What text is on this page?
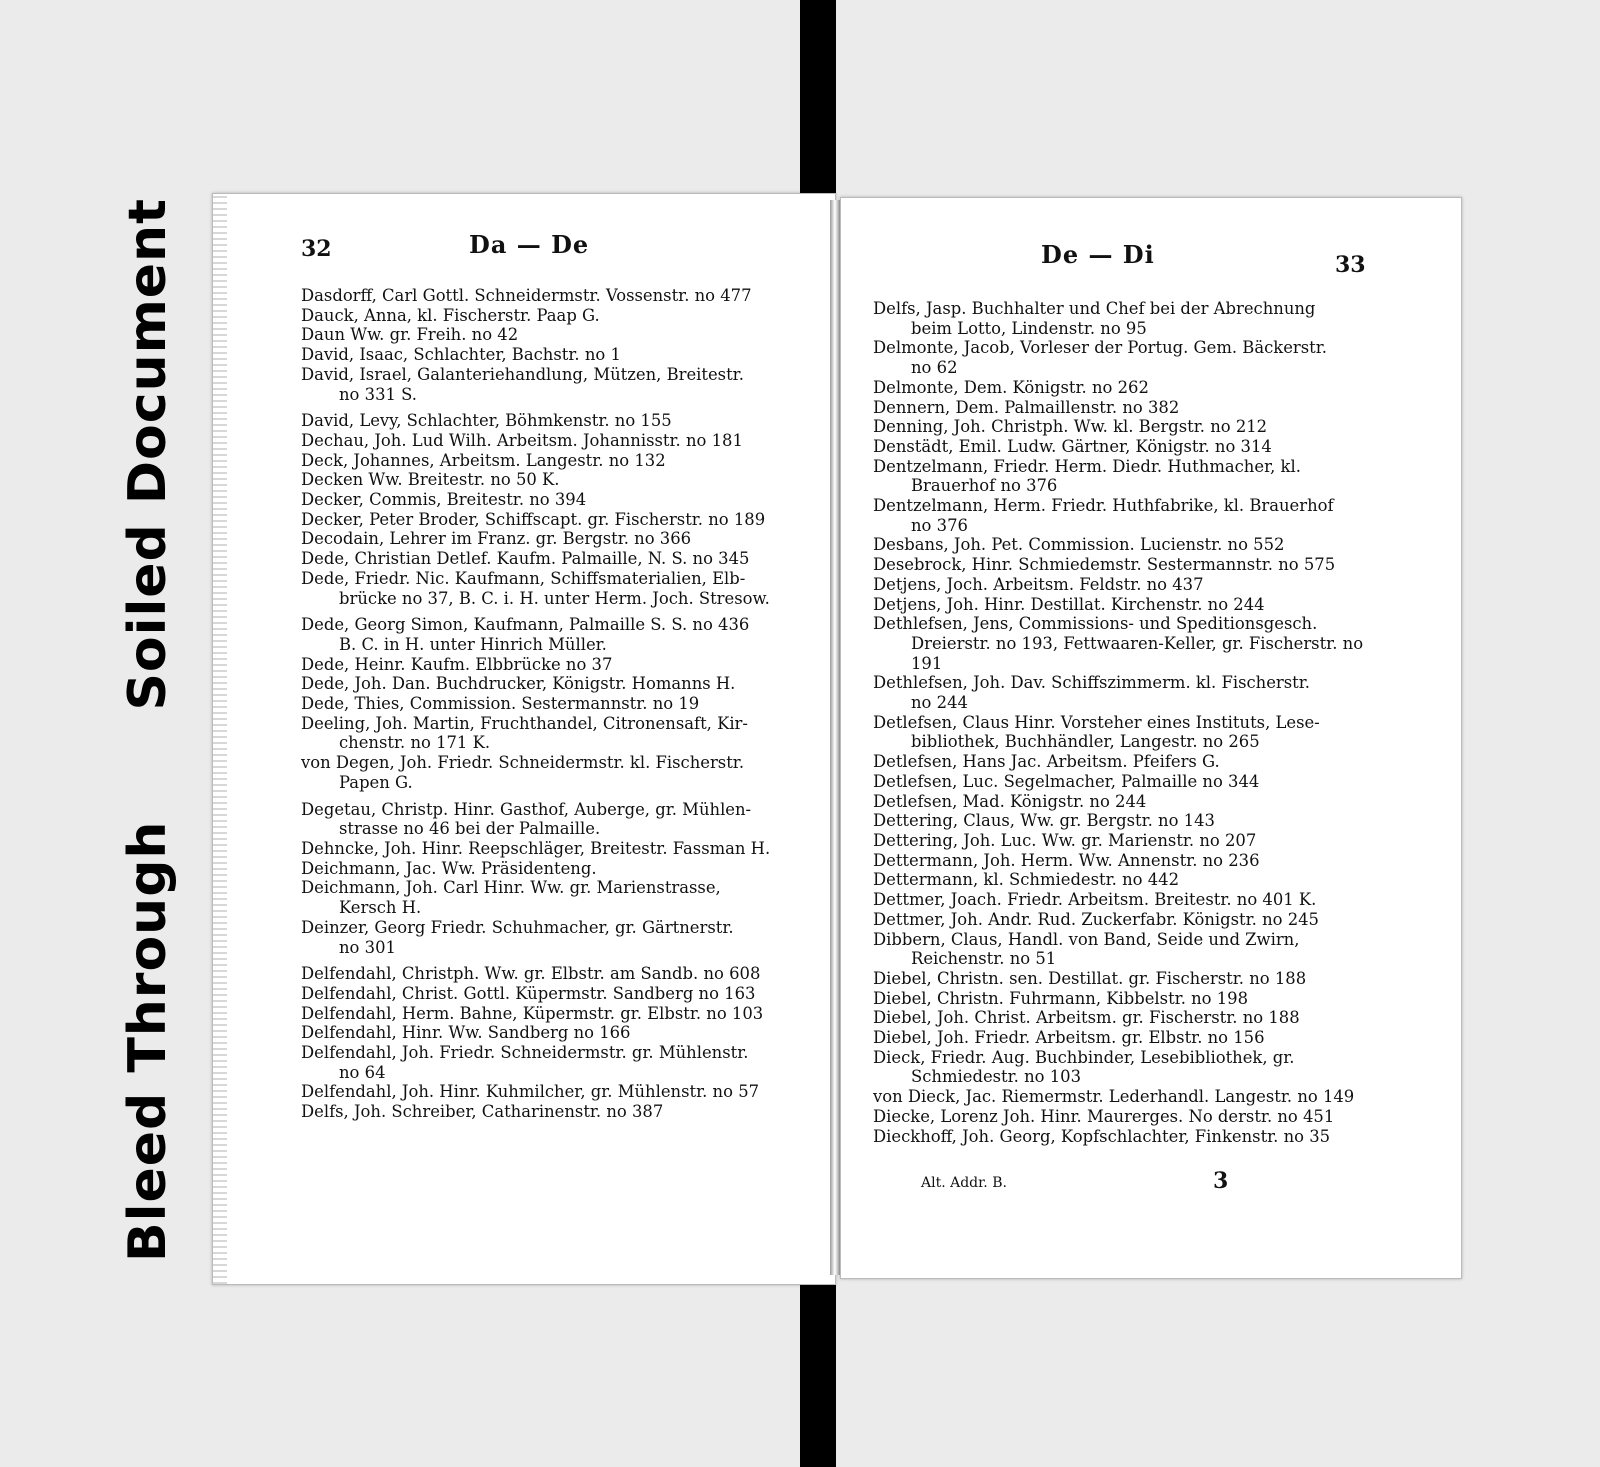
Bleed ThroughSoiled Document	32	Da — De

Dasdorff, Carl Gottl. Schneidermstr. Vossenstr. no 477

Dauck, Anna, kl. Fischerstr. Paap G.

Daun Ww. gr. Freih. no 42

David, Isaac, Schlachter, Bachstr. no 1

David, Israel, Galanteriehandlung, Mützen, Breitestr.
no 331 S.

David, Levy, Schlachter, Böhmkenstr. no 155

Dechau, Joh. Lud Wilh. Arbeitsm. Johannisstr. no 181

Deck, Johannes, Arbeitsm. Langestr. no 132

Decken Ww. Breitestr. no 50 K.

Decker, Commis, Breitestr. no 394

Decker, Peter Broder, Schiffscapt. gr. Fischerstr. no 189

Decodain, Lehrer im Franz. gr. Bergstr. no 366

Dede, Christian Detlef. Kaufm. Palmaille, N. S. no 345

Dede, Friedr. Nic. Kaufmann, Schiffsmaterialien, Elb-
brücke no 37, B. C. i. H. unter Herm. Joch. Stresow.

Dede, Georg Simon, Kaufmann, Palmaille S. S. no 436
B. C. in H. unter Hinrich Müller.

Dede, Heinr. Kaufm. Elbbrücke no 37

Dede, Joh. Dan. Buchdrucker, Königstr. Homanns H.

Dede, Thies, Commission. Sestermannstr. no 19

Deeling, Joh. Martin, Fruchthandel, Citronensaft, Kir-
chenstr. no 171 K.

von Degen, Joh. Friedr. Schneidermstr. kl. Fischerstr.
Papen G.

Degetau, Christp. Hinr. Gasthof, Auberge, gr. Mühlen-
strasse no 46 bei der Palmaille.

Dehncke, Joh. Hinr. Reepschläger, Breitestr. Fassman H.

Deichmann, Jac. Ww. Präsidenteng.

Deichmann, Joh. Carl Hinr. Ww. gr. Marienstrasse,
Kersch H.

Deinzer, Georg Friedr. Schuhmacher, gr. Gärtnerstr.
no 301

Delfendahl, Christph. Ww. gr. Elbstr. am Sandb. no 608

Delfendahl, Christ. Gottl. Küpermstr. Sandberg no 163

Delfendahl, Herm. Bahne, Küpermstr. gr. Elbstr. no 103

Delfendahl, Hinr. Ww. Sandberg no 166

Delfendahl, Joh. Friedr. Schneidermstr. gr. Mühlenstr.
no 64

Delfendahl, Joh. Hinr. Kuhmilcher, gr. Mühlenstr. no 57

Delfs, Joh. Schreiber, Catharinenstr. no 387

De — Di	33

Delfs, Jasp. Buchhalter und Chef bei der Abrechnung
beim Lotto, Lindenstr. no 95

Delmonte, Jacob, Vorleser der Portug. Gem. Bäckerstr.
no 62

Delmonte, Dem. Königstr. no 262

Dennern, Dem. Palmaillenstr. no 382

Denning, Joh. Christph. Ww. kl. Bergstr. no 212

Denstädt, Emil. Ludw. Gärtner, Königstr. no 314

Dentzelmann, Friedr. Herm. Diedr. Huthmacher, kl.
Brauerhof no 376

Dentzelmann, Herm. Friedr. Huthfabrike, kl. Brauerhof
no 376

Desbans, Joh. Pet. Commission. Lucienstr. no 552

Desebrock, Hinr. Schmiedemstr. Sestermannstr. no 575

Detjens, Joch. Arbeitsm. Feldstr. no 437

Detjens, Joh. Hinr. Destillat. Kirchenstr. no 244

Dethlefsen, Jens, Commissions- und Speditionsgesch.
Dreierstr. no 193, Fettwaaren-Keller, gr. Fischerstr. no 191

Dethlefsen, Joh. Dav. Schiffszimmerm. kl. Fischerstr.
no 244

Detlefsen, Claus Hinr. Vorsteher eines Instituts, Lese-
bibliothek, Buchhändler, Langestr. no 265

Detlefsen, Hans Jac. Arbeitsm. Pfeifers G.

Detlefsen, Luc. Segelmacher, Palmaille no 344

Detlefsen, Mad. Königstr. no 244

Dettering, Claus, Ww. gr. Bergstr. no 143

Dettering, Joh. Luc. Ww. gr. Marienstr. no 207

Dettermann, Joh. Herm. Ww. Annenstr. no 236

Dettermann, kl. Schmiedestr. no 442

Dettmer, Joach. Friedr. Arbeitsm. Breitestr. no 401 K.

Dettmer, Joh. Andr. Rud. Zuckerfabr. Königstr. no 245

Dibbern, Claus, Handl. von Band, Seide und Zwirn,
Reichenstr. no 51

Diebel, Christn. sen. Destillat. gr. Fischerstr. no 188

Diebel, Christn. Fuhrmann, Kibbelstr. no 198

Diebel, Joh. Christ. Arbeitsm. gr. Fischerstr. no 188

Diebel, Joh. Friedr. Arbeitsm. gr. Elbstr. no 156

Dieck, Friedr. Aug. Buchbinder, Lesebibliothek, gr.
Schmiedestr. no 103

von Dieck, Jac. Riemermstr. Lederhandl. Langestr. no 149

Diecke, Lorenz Joh. Hinr. Maurerges. No derstr. no 451

Dieckhoff, Joh. Georg, Kopfschlachter, Finkenstr. no 35

Alt. Addr. B.	3
